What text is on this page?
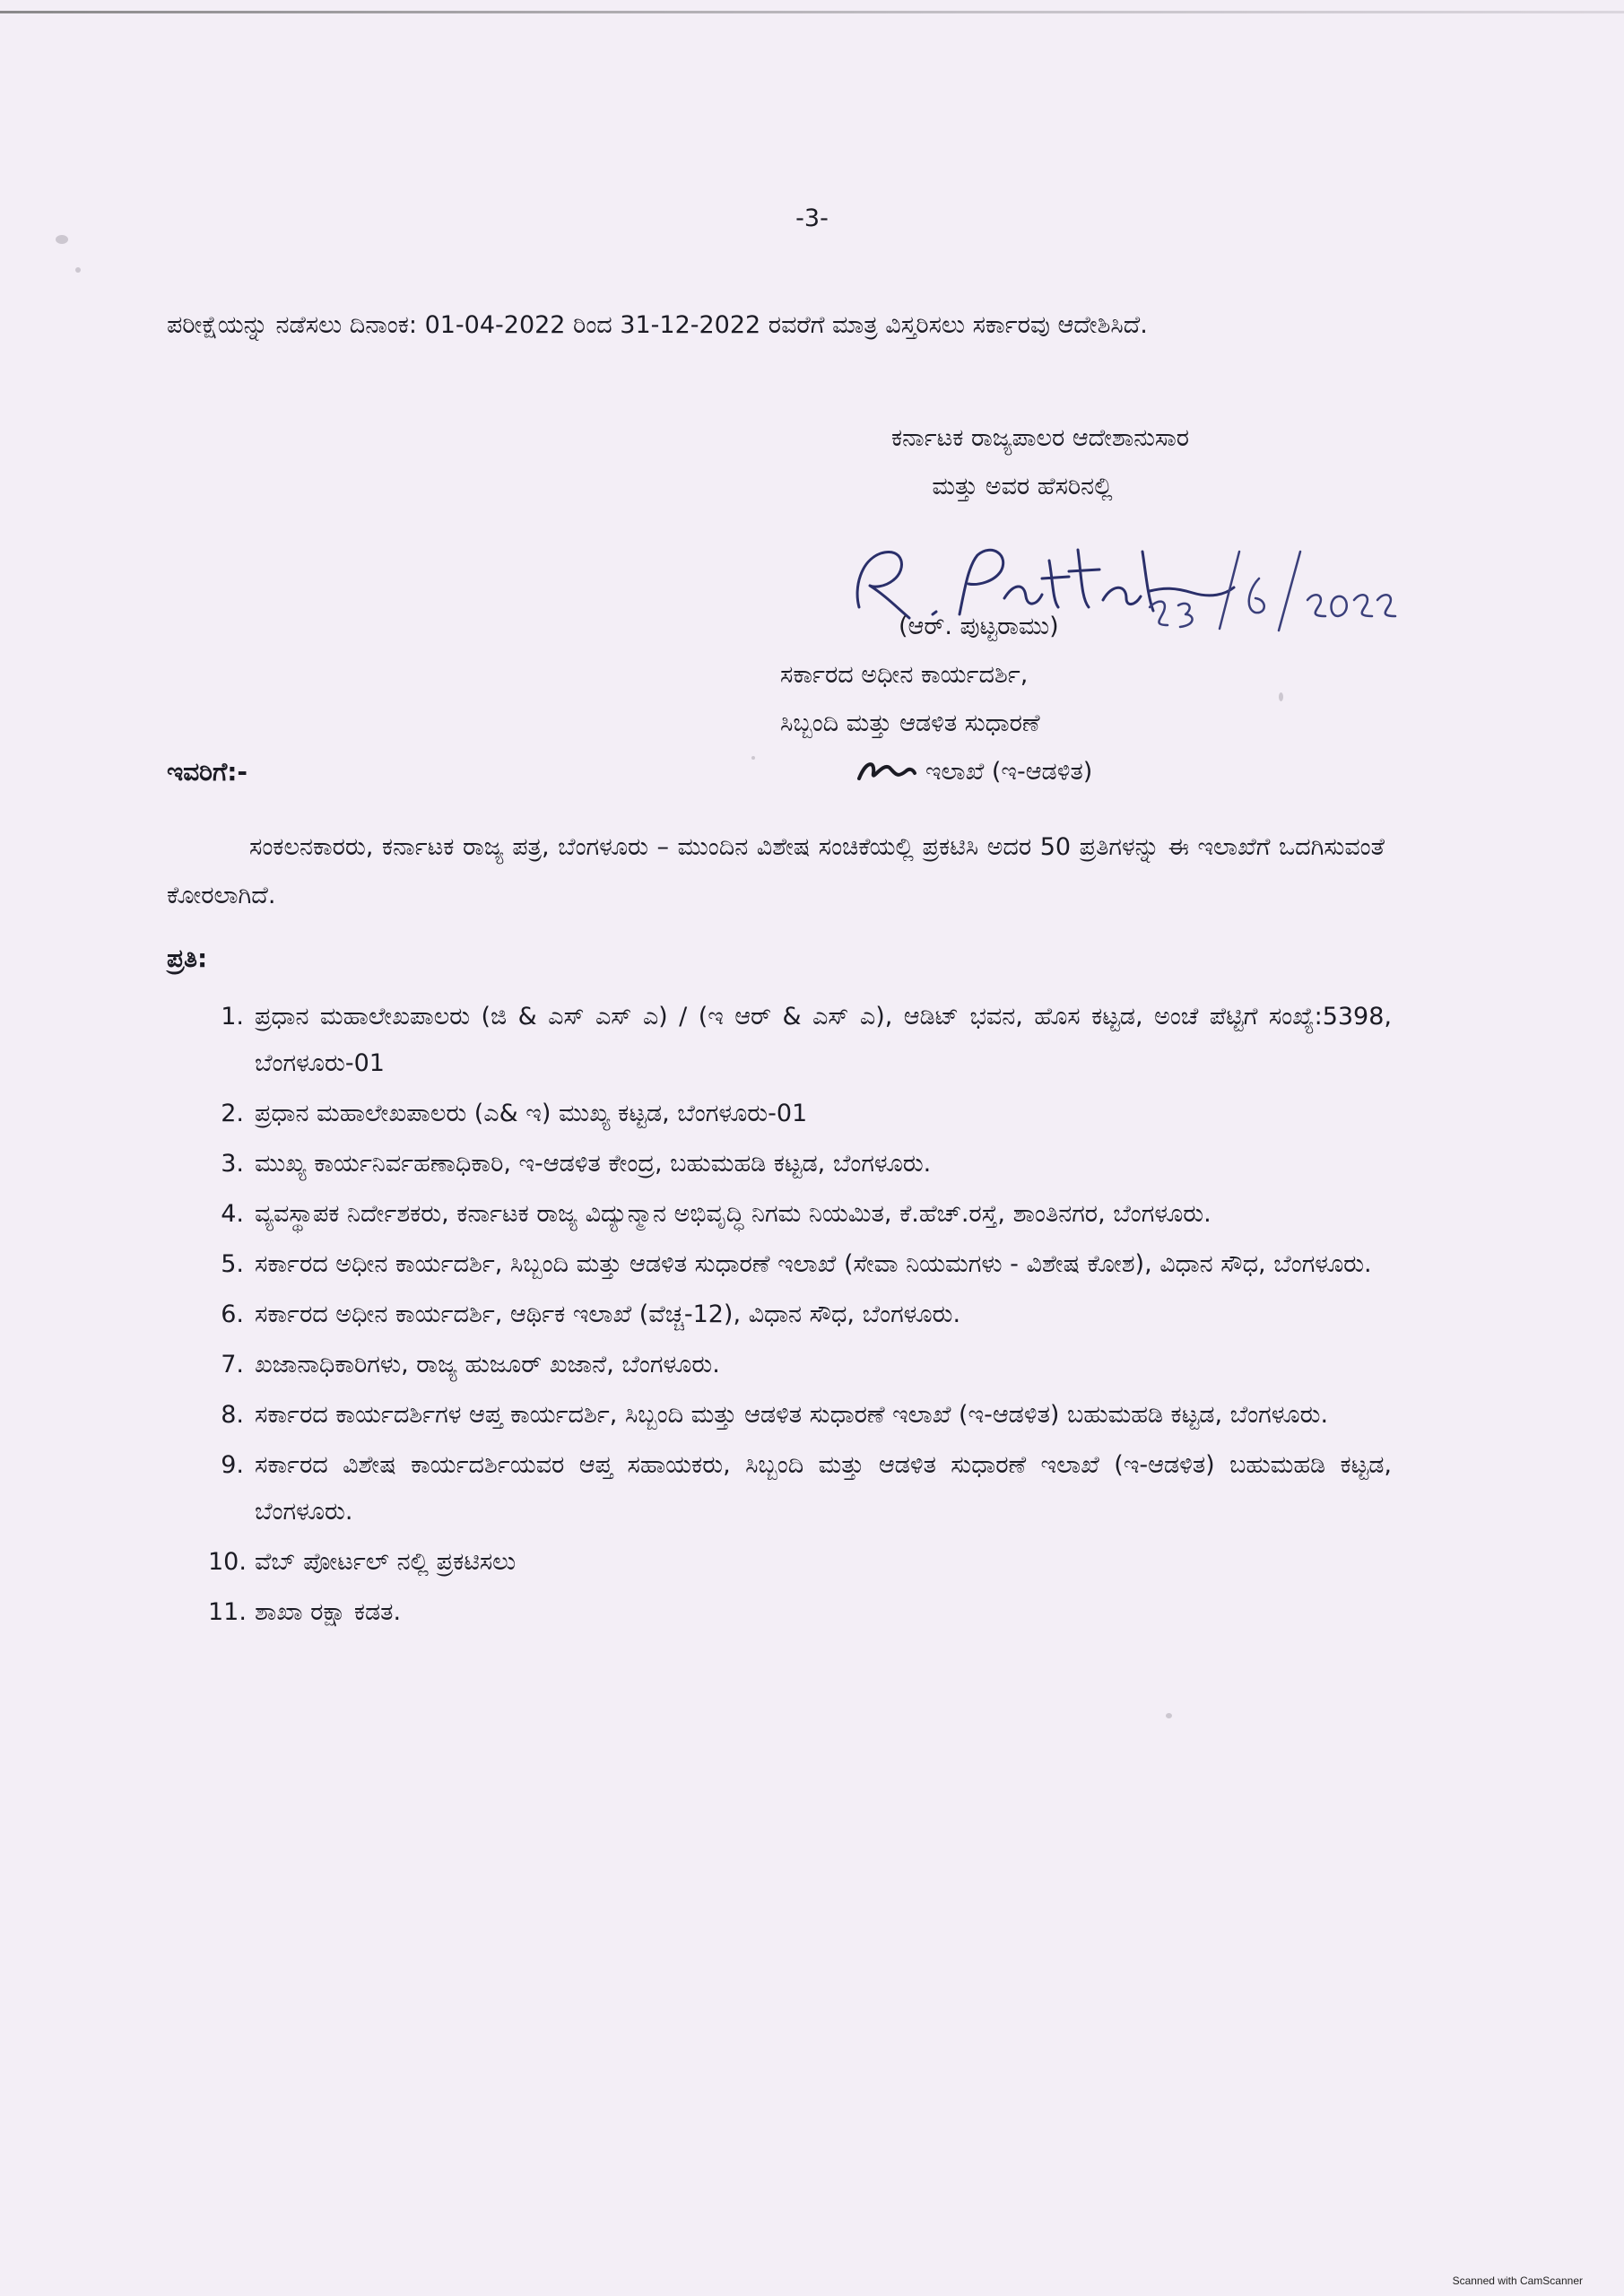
-3-

ಪರೀಕ್ಷೆಯನ್ನು ನಡೆಸಲು ದಿನಾಂಕ: 01-04-2022 ರಿಂದ 31-12-2022 ರವರೆಗೆ ಮಾತ್ರ ವಿಸ್ತರಿಸಲು ಸರ್ಕಾರವು ಆದೇಶಿಸಿದೆ.

ಕರ್ನಾಟಕ ರಾಜ್ಯಪಾಲರ ಆದೇಶಾನುಸಾರ
ಮತ್ತು ಅವರ ಹೆಸರಿನಲ್ಲಿ
(ಆರ್. ಪುಟ್ಟರಾಮು)
ಸರ್ಕಾರದ ಅಧೀನ ಕಾರ್ಯದರ್ಶಿ,
ಸಿಬ್ಬಂದಿ ಮತ್ತು ಆಡಳಿತ ಸುಧಾರಣೆ
ಇಲಾಖೆ (ಇ-ಆಡಳಿತ)
ಇವರಿಗೆ:-

ಸಂಕಲನಕಾರರು, ಕರ್ನಾಟಕ ರಾಜ್ಯ ಪತ್ರ, ಬೆಂಗಳೂರು – ಮುಂದಿನ ವಿಶೇಷ ಸಂಚಿಕೆಯಲ್ಲಿ ಪ್ರಕಟಿಸಿ ಅದರ 50 ಪ್ರತಿಗಳನ್ನು ಈ ಇಲಾಖೆಗೆ ಒದಗಿಸುವಂತೆ ಕೋರಲಾಗಿದೆ.

ಪ್ರತಿ:
1. ಪ್ರಧಾನ ಮಹಾಲೇಖಪಾಲರು (ಜಿ & ಎಸ್ ಎಸ್ ಎ) / (ಇ ಆರ್ & ಎಸ್ ಎ), ಆಡಿಟ್ ಭವನ, ಹೊಸ ಕಟ್ಟಡ, ಅಂಚೆ ಪೆಟ್ಟಿಗೆ ಸಂಖ್ಯೆ:5398, ಬೆಂಗಳೂರು-01
2. ಪ್ರಧಾನ ಮಹಾಲೇಖಪಾಲರು (ಎ& ಇ) ಮುಖ್ಯ ಕಟ್ಟಡ, ಬೆಂಗಳೂರು-01
3. ಮುಖ್ಯ ಕಾರ್ಯನಿರ್ವಹಣಾಧಿಕಾರಿ, ಇ-ಆಡಳಿತ ಕೇಂದ್ರ, ಬಹುಮಹಡಿ ಕಟ್ಟಡ, ಬೆಂಗಳೂರು.
4. ವ್ಯವಸ್ಥಾಪಕ ನಿರ್ದೇಶಕರು, ಕರ್ನಾಟಕ ರಾಜ್ಯ ವಿದ್ಯುನ್ಮಾನ ಅಭಿವೃದ್ಧಿ ನಿಗಮ ನಿಯಮಿತ, ಕೆ.ಹೆಚ್.ರಸ್ತೆ, ಶಾಂತಿನಗರ, ಬೆಂಗಳೂರು.
5. ಸರ್ಕಾರದ ಅಧೀನ ಕಾರ್ಯದರ್ಶಿ, ಸಿಬ್ಬಂದಿ ಮತ್ತು ಆಡಳಿತ ಸುಧಾರಣೆ ಇಲಾಖೆ (ಸೇವಾ ನಿಯಮಗಳು - ವಿಶೇಷ ಕೋಶ), ವಿಧಾನ ಸೌಧ, ಬೆಂಗಳೂರು.
6. ಸರ್ಕಾರದ ಅಧೀನ ಕಾರ್ಯದರ್ಶಿ, ಆರ್ಥಿಕ ಇಲಾಖೆ (ವೆಚ್ಚ-12), ವಿಧಾನ ಸೌಧ, ಬೆಂಗಳೂರು.
7. ಖಜಾನಾಧಿಕಾರಿಗಳು, ರಾಜ್ಯ ಹುಜೂರ್ ಖಜಾನೆ, ಬೆಂಗಳೂರು.
8. ಸರ್ಕಾರದ ಕಾರ್ಯದರ್ಶಿಗಳ ಆಪ್ತ ಕಾರ್ಯದರ್ಶಿ, ಸಿಬ್ಬಂದಿ ಮತ್ತು ಆಡಳಿತ ಸುಧಾರಣೆ ಇಲಾಖೆ (ಇ-ಆಡಳಿತ) ಬಹುಮಹಡಿ ಕಟ್ಟಡ, ಬೆಂಗಳೂರು.
9. ಸರ್ಕಾರದ ವಿಶೇಷ ಕಾರ್ಯದರ್ಶಿಯವರ ಆಪ್ತ ಸಹಾಯಕರು, ಸಿಬ್ಬಂದಿ ಮತ್ತು ಆಡಳಿತ ಸುಧಾರಣೆ ಇಲಾಖೆ (ಇ-ಆಡಳಿತ) ಬಹುಮಹಡಿ ಕಟ್ಟಡ, ಬೆಂಗಳೂರು.
10. ವೆಬ್ ಪೋರ್ಟಲ್ ನಲ್ಲಿ ಪ್ರಕಟಿಸಲು
11. ಶಾಖಾ ರಕ್ಷಾ ಕಡತ.
Scanned with CamScanner
